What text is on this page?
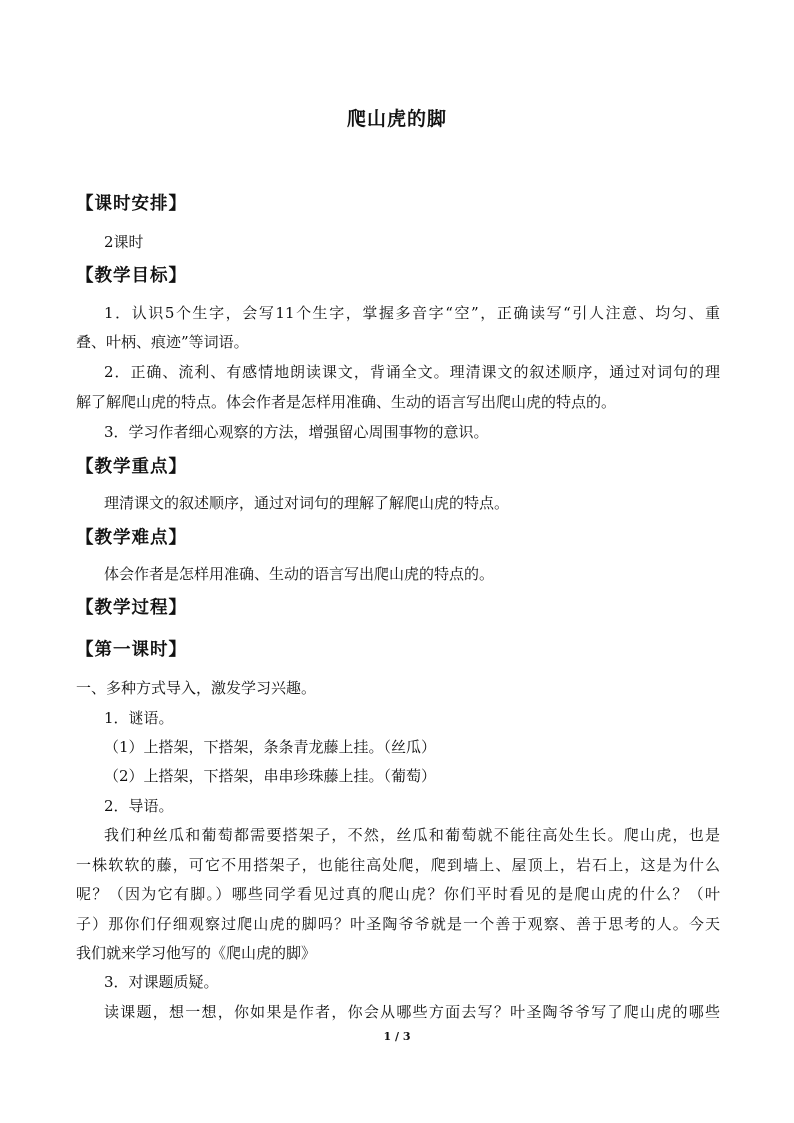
爬山虎的脚
【课时安排】
2课时
【教学目标】
1．认识5个生字，会写11个生字，掌握多音字“空”，正确读写“引人注意、均匀、重
叠、叶柄、痕迹”等词语。
2．正确、流利、有感情地朗读课文，背诵全文。理清课文的叙述顺序，通过对词句的理
解了解爬山虎的特点。体会作者是怎样用准确、生动的语言写出爬山虎的特点的。
3．学习作者细心观察的方法，增强留心周围事物的意识。
【教学重点】
理清课文的叙述顺序，通过对词句的理解了解爬山虎的特点。
【教学难点】
体会作者是怎样用准确、生动的语言写出爬山虎的特点的。
【教学过程】
【第一课时】
一、多种方式导入，激发学习兴趣。
1．谜语。
（1）上搭架，下搭架，条条青龙藤上挂。（丝瓜）
（2）上搭架，下搭架，串串珍珠藤上挂。（葡萄）
2．导语。
我们种丝瓜和葡萄都需要搭架子，不然，丝瓜和葡萄就不能往高处生长。爬山虎，也是
一株软软的藤，可它不用搭架子，也能往高处爬，爬到墙上、屋顶上，岩石上，这是为什么
呢？（因为它有脚。）哪些同学看见过真的爬山虎？你们平时看见的是爬山虎的什么？（叶
子）那你们仔细观察过爬山虎的脚吗？叶圣陶爷爷就是一个善于观察、善于思考的人。今天
我们就来学习他写的《爬山虎的脚》
3．对课题质疑。
读课题，想一想，你如果是作者，你会从哪些方面去写？叶圣陶爷爷写了爬山虎的哪些
1 / 3
